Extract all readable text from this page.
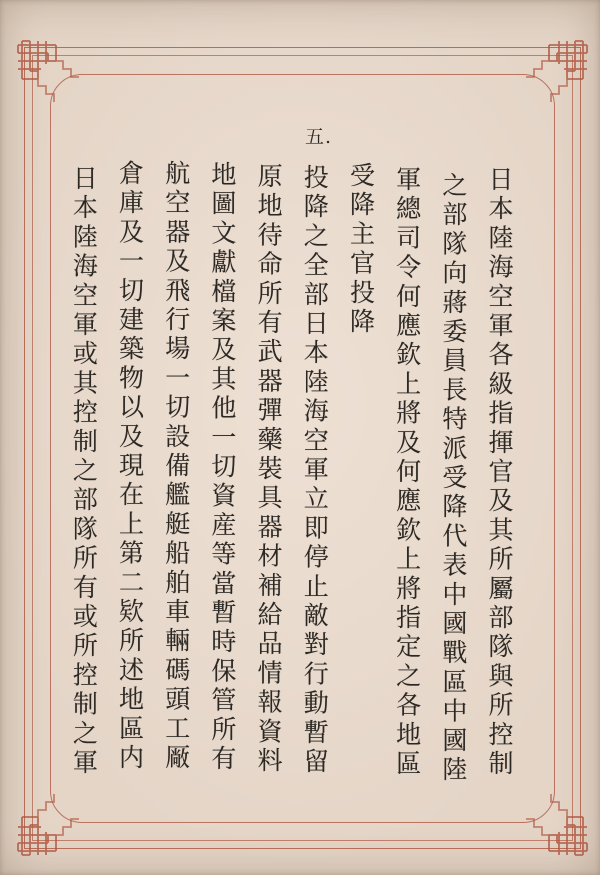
五.
日本陸海空軍各級指揮官及其所屬部隊與所控制
之部隊向蔣委員長特派受降代表中國戰區中國陸
軍總司令何應欽上將及何應欽上將指定之各地區
受降主官投降
投降之全部日本陸海空軍立即停止敵對行動暫留
原地待命所有武器彈藥裝具器材補給品情報資料
地圖文獻檔案及其他一切資産等當暫時保管所有
航空器及飛行場一切設備艦艇船舶車輛碼頭工厰
倉庫及一切建築物以及現在上第二欵所述地區内
日本陸海空軍或其控制之部隊所有或所控制之軍
